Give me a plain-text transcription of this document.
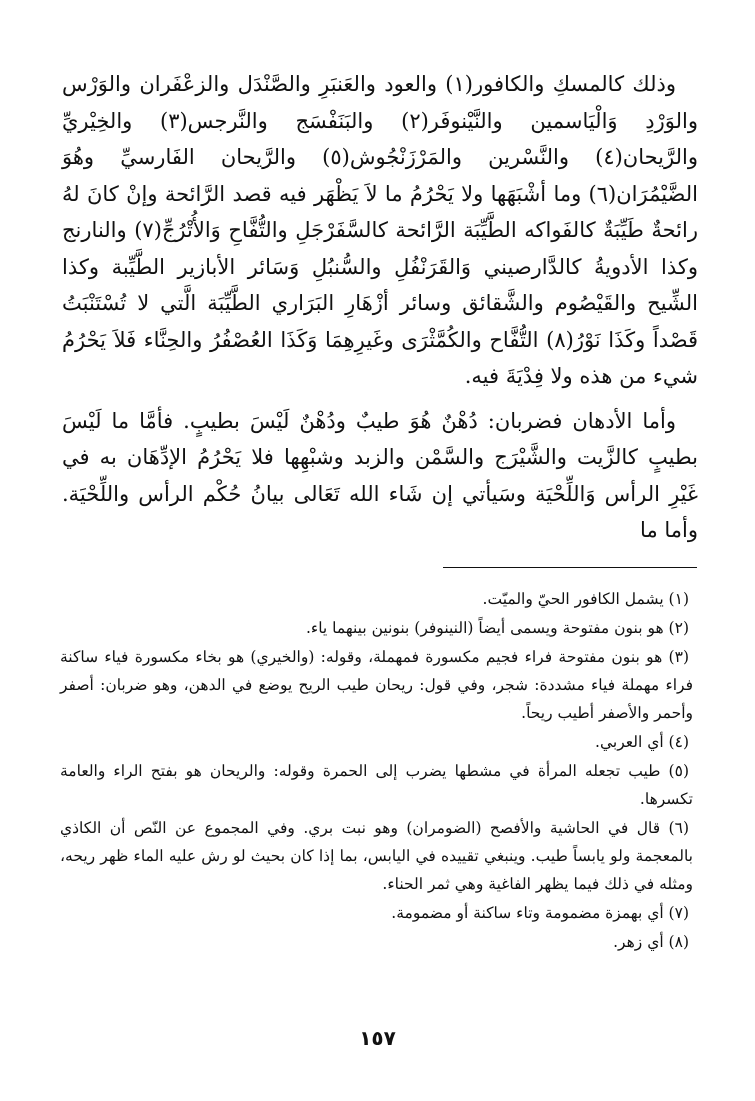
وذلك كالمسكِ والكافور(١) والعود والعَنبَرِ والصَّنْدَل والزعْفَران والوَرْس والوَرْدِ وَالْيَاسمين والنَّيْنوفَر(٢) والبَنَفْسَج والنَّرجس(٣) والخِيْريِّ والرَّيحان(٤) والنَّسْرين والمَرْزَنْجُوش(٥) والرَّيحان الفَارسيِّ وهُوَ الضَّيْمُرَان(٦) وما أشْبَهَها ولا يَحْرُمُ ما لاَ يَظْهَر فيه قصد الرَّائحة وإنْ كانَ لهُ رائحةٌ طَيِّبَةٌ كالفَواكه الطَّيِّبَة الرَّائحة كالسَّفَرْجَلِ والتُّفَّاحِ وَالأُتْرُجِّ(٧) والنارنج وكذا الأدويةُ كالدَّارصيني وَالقَرَنْفُلِ والسُّنبُلِ وَسَائر الأبازير الطَّيِّبة وكذا الشِّيح والقَيْصُوم والشَّقائق وسائر أزْهَارِ البَرَاري الطَّيِّبَة الَّتي لا تُسْتَنْبَتُ قَصْداً وكَذَا نَوْرُ(٨) التُّفَّاح والكُمَّثْرَى وغَيرِهِمَا وَكَذَا العُصْفُرُ والحِنَّاء فَلاَ يَحْرُمُ شيء من هذه ولا فِدْيَةَ فيه.

وأما الأدهان فضربان: دُهْنٌ هُوَ طيبٌ ودُهْنٌ لَيْسَ بطيبٍ. فأمَّا ما لَيْسَ بطيبٍ كالزَّيت والشَّيْرَج والسَّمْن والزبد وشبْهِها فلا يَحْرُمُ الإدِّهَان به في غَيْرِ الرأس وَاللِّحْيَة وسَيأتي إن شَاء الله تَعَالى بيانُ حُكْم الرأس واللِّحْيَة. وأما ما

(١) يشمل الكافور الحيّ والميّت.

(٢) هو بنون مفتوحة ويسمى أيضاً (النينوفر) بنونين بينهما ياء.

(٣) هو بنون مفتوحة فراء فجيم مكسورة فمهملة، وقوله: (والخيري) هو بخاء مكسورة فياء ساكنة فراء مهملة فياء مشددة: شجر، وفي قول: ريحان طيب الريح يوضع في الدهن، وهو ضربان: أصفر وأحمر والأصفر أطيب ريحاً.

(٤) أي العربي.

(٥) طيب تجعله المرأة في مشطها يضرب إلى الحمرة وقوله: والريحان هو بفتح الراء والعامة تكسرها.

(٦) قال في الحاشية والأفصح (الضومران) وهو نبت بري. وفي المجموع عن النّص أن الكاذي بالمعجمة ولو يابساً طيب. وينبغي تقييده في اليابس، بما إذا كان بحيث لو رش عليه الماء ظهر ريحه، ومثله في ذلك فيما يظهر الفاغية وهي ثمر الحناء.

(٧) أي بهمزة مضمومة وتاء ساكنة أو مضمومة.

(٨) أي زهر.

١٥٧
